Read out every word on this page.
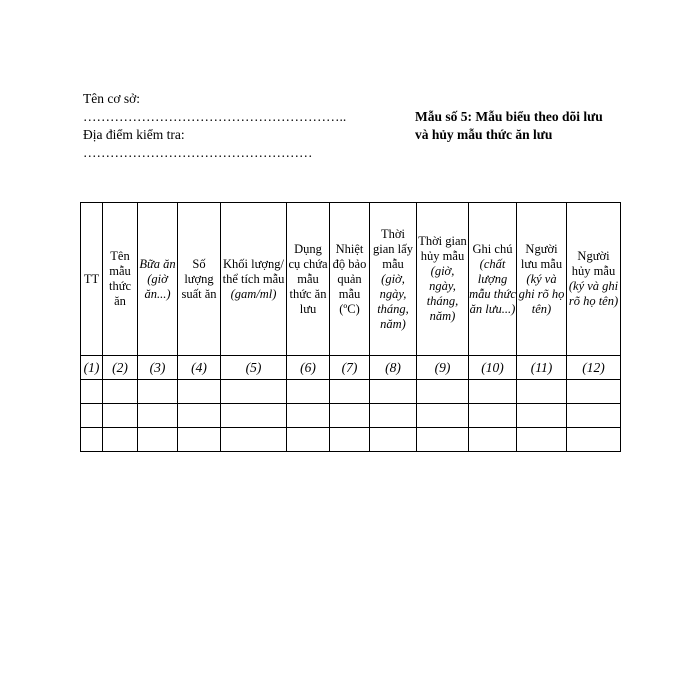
Tên cơ sở:
…………………………………………………..
Địa điểm kiểm tra:
……………………………………………
Mẫu số 5: Mẫu biểu theo dõi lưu
và hủy mẫu thức ăn lưu
TT	Tên mẫu thức ăn	Bữa ăn (giờ ăn...)	Số lượng suất ăn	Khối lượng/ thể tích mẫu
(gam/ml)	Dụng cụ chứa mẫu thức ăn lưu	Nhiệt độ bảo quản mẫu (ºC)	Thời gian lấy mẫu
(giờ, ngày, tháng, năm)	Thời gian hủy mẫu
(giờ, ngày, tháng, năm)	Ghi chú
(chất lượng mẫu thức ăn lưu...)	Người lưu mẫu (ký và ghi rõ họ tên)	Người hủy mẫu (ký và ghi rõ họ tên)
(1)	(2)	(3)	(4)	(5)	(6)	(7)	(8)	(9)	(10)	(11)	(12)
